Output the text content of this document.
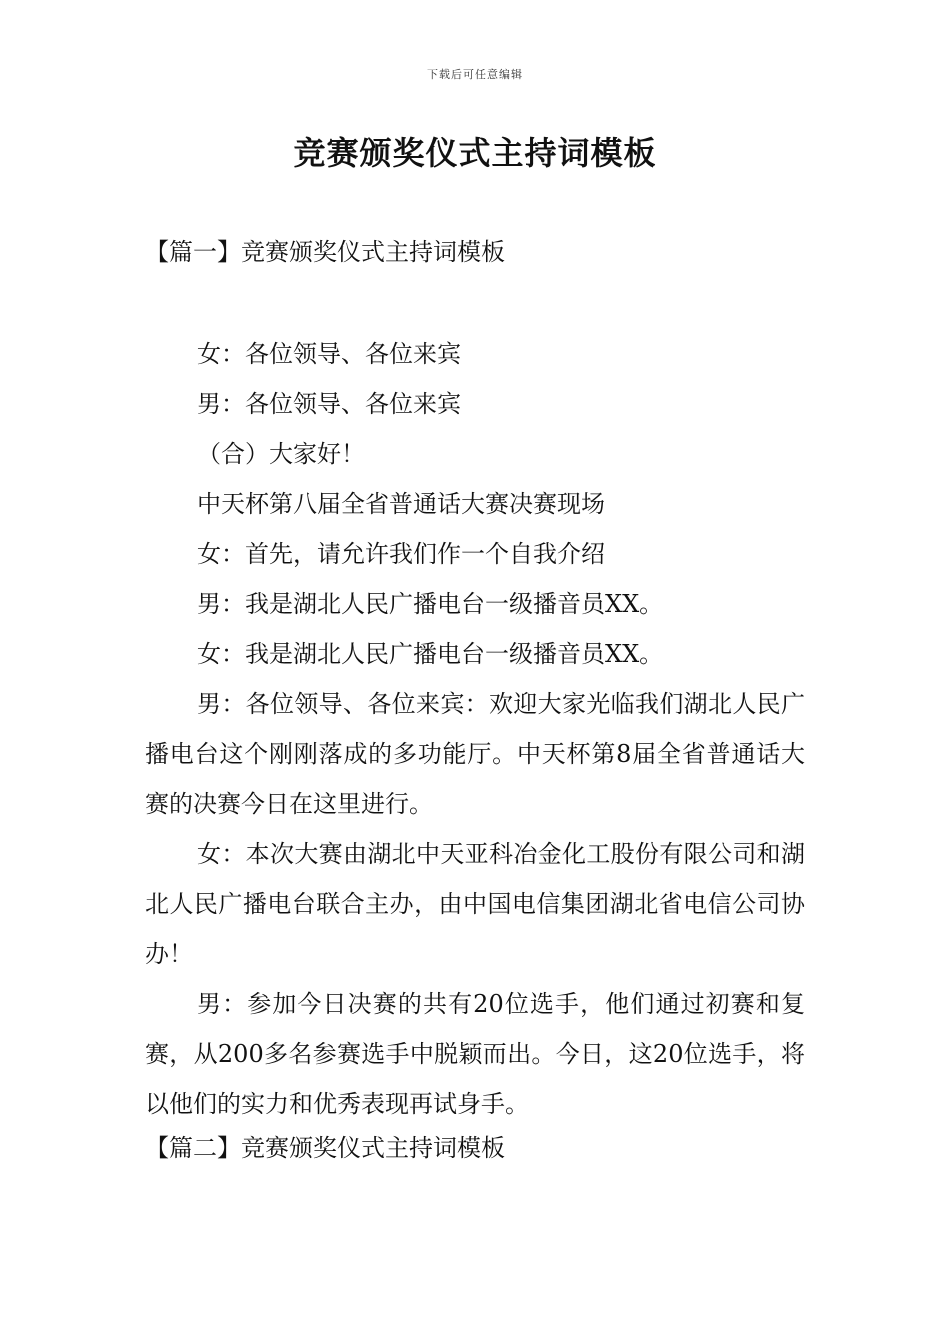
下载后可任意编辑
竞赛颁奖仪式主持词模板
【篇一】竞赛颁奖仪式主持词模板

女：各位领导、各位来宾

男：各位领导、各位来宾

（合）大家好！

中天杯第八届全省普通话大赛决赛现场

女：首先，请允许我们作一个自我介绍

男：我是湖北人民广播电台一级播音员XX。

女：我是湖北人民广播电台一级播音员XX。

男：各位领导、各位来宾：欢迎大家光临我们湖北人民广播电台这个刚刚落成的多功能厅。中天杯第8届全省普通话大赛的决赛今日在这里进行。

女：本次大赛由湖北中天亚科冶金化工股份有限公司和湖北人民广播电台联合主办，由中国电信集团湖北省电信公司协办！

男：参加今日决赛的共有20位选手，他们通过初赛和复赛，从200多名参赛选手中脱颖而出。今日，这20位选手，将以他们的实力和优秀表现再试身手。

【篇二】竞赛颁奖仪式主持词模板
